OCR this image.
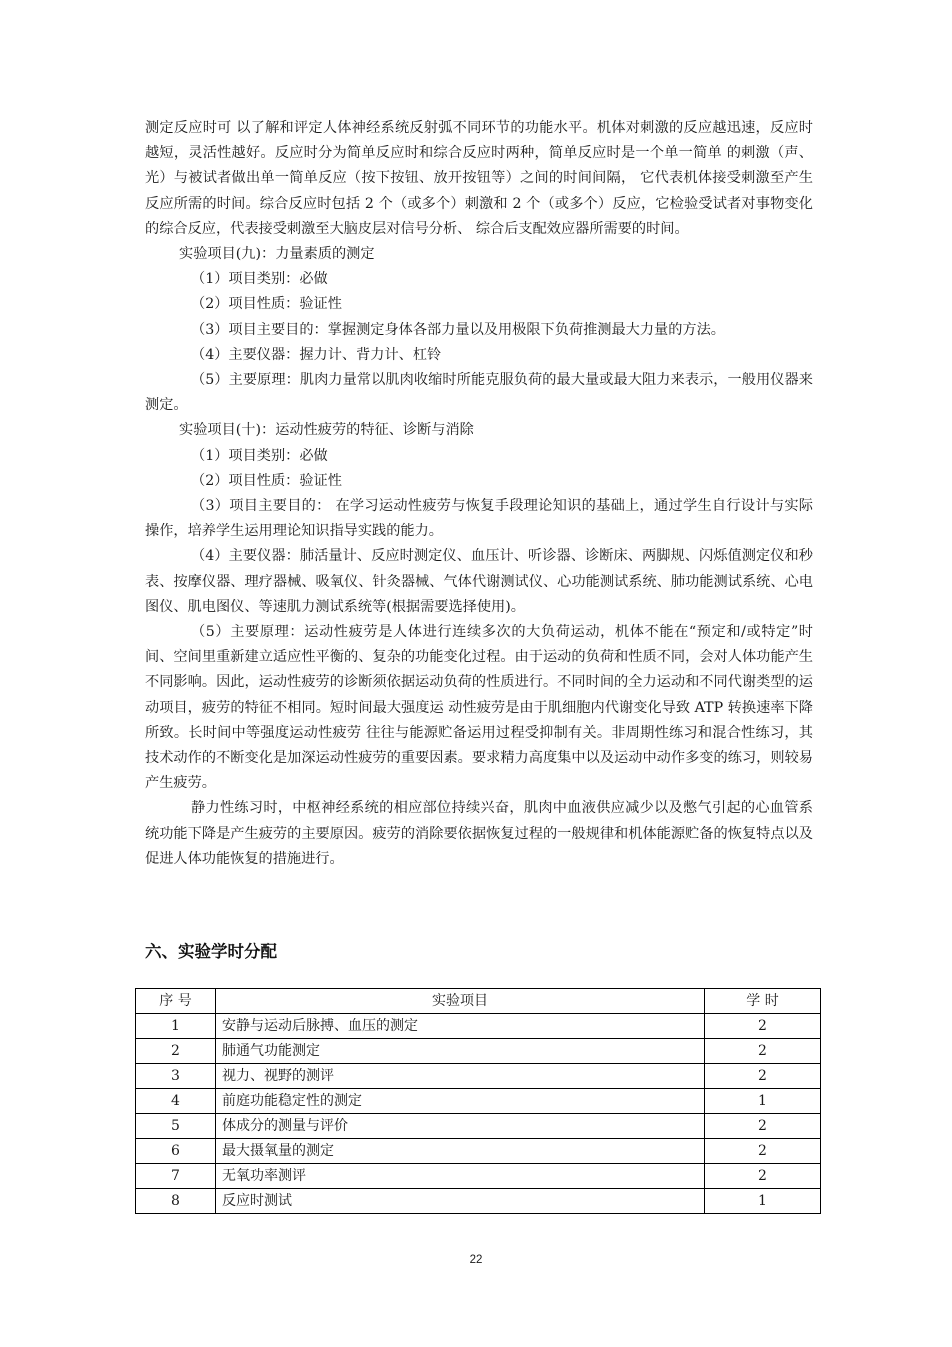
测定反应时可 以了解和评定人体神经系统反射弧不同环节的功能水平。机体对刺激的反应越迅速，反应时 越短，灵活性越好。反应时分为简单反应时和综合反应时两种，简单反应时是一个单一简单 的刺激（声、光）与被试者做出单一简单反应（按下按钮、放开按钮等）之间的时间间隔， 它代表机体接受刺激至产生反应所需的时间。综合反应时包括 2 个（或多个）刺激和 2 个（或多个）反应，它检验受试者对事物变化的综合反应，代表接受刺激至大脑皮层对信号分析、 综合后支配效应器所需要的时间。

实验项目(九)：力量素质的测定

（1）项目类别：必做

（2）项目性质：验证性

（3）项目主要目的：掌握测定身体各部力量以及用极限下负荷推测最大力量的方法。

（4）主要仪器：握力计、背力计、杠铃

（5）主要原理：肌肉力量常以肌肉收缩时所能克服负荷的最大量或最大阻力来表示，一般用仪器来测定。

实验项目(十)：运动性疲劳的特征、诊断与消除

（1）项目类别：必做

（2）项目性质：验证性

（3）项目主要目的： 在学习运动性疲劳与恢复手段理论知识的基础上，通过学生自行设计与实际操作，培养学生运用理论知识指导实践的能力。

（4）主要仪器：肺活量计、反应时测定仪、血压计、听诊器、诊断床、两脚规、闪烁值测定仪和秒表、按摩仪器、理疗器械、吸氧仪、针灸器械、气体代谢测试仪、心功能测试系统、肺功能测试系统、心电图仪、肌电图仪、等速肌力测试系统等(根据需要选择使用)。

（5）主要原理：运动性疲劳是人体进行连续多次的大负荷运动，机体不能在“预定和/或特定”时间、空间里重新建立适应性平衡的、复杂的功能变化过程。由于运动的负荷和性质不同，会对人体功能产生不同影响。因此，运动性疲劳的诊断须依据运动负荷的性质进行。不同时间的全力运动和不同代谢类型的运动项目，疲劳的特征不相同。短时间最大强度运 动性疲劳是由于肌细胞内代谢变化导致 ATP 转换速率下降所致。长时间中等强度运动性疲劳 往往与能源贮备运用过程受抑制有关。非周期性练习和混合性练习，其技术动作的不断变化是加深运动性疲劳的重要因素。要求精力高度集中以及运动中动作多变的练习，则较易产生疲劳。

静力性练习时，中枢神经系统的相应部位持续兴奋，肌肉中血液供应减少以及憋气引起的心血管系统功能下降是产生疲劳的主要原因。疲劳的消除要依据恢复过程的一般规律和机体能源贮备的恢复特点以及促进人体功能恢复的措施进行。

六、实验学时分配
序 号	实验项目	学 时
1	安静与运动后脉搏、血压的测定	2
2	肺通气功能测定	2
3	视力、视野的测评	2
4	前庭功能稳定性的测定	1
5	体成分的测量与评价	2
6	最大摄氧量的测定	2
7	无氧功率测评	2
8	反应时测试	1
22
